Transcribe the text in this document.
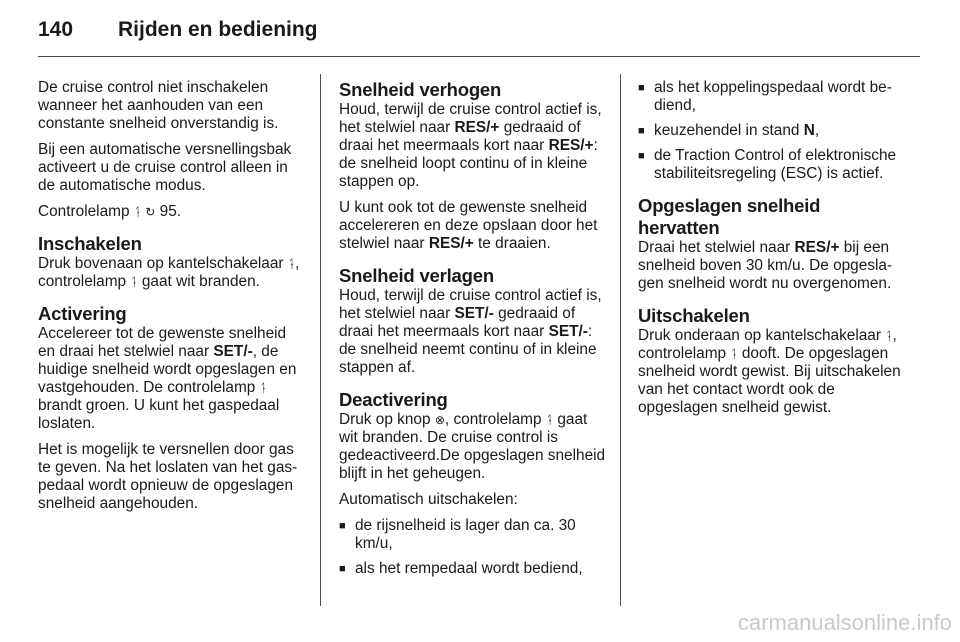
140 Rijden en bediening

De cruise control niet inschakelen wanneer het aanhouden van een constante snelheid onverstandig is.

Bij een automatische versnellingsbak activeert u de cruise control alleen in de automatische modus.

Controlelamp ᛑ ↻ 95.

Inschakelen

Druk bovenaan op kantelschakelaar ᛑ, controlelamp ᛑ gaat wit branden.

Activering

Accelereer tot de gewenste snelheid en draai het stelwiel naar SET/-, de huidige snelheid wordt opgeslagen en vastgehouden. De controlelamp ᛑ brandt groen. U kunt het gaspedaal loslaten.

Het is mogelijk te versnellen door gas te geven. Na het loslaten van het gaspedaal wordt opnieuw de opgeslagen snelheid aangehouden.

Snelheid verhogen

Houd, terwijl de cruise control actief is, het stelwiel naar RES/+ gedraaid of draai het meermaals kort naar RES/+: de snelheid loopt continu of in kleine stappen op.

U kunt ook tot de gewenste snelheid accelereren en deze opslaan door het stelwiel naar RES/+ te draaien.

Snelheid verlagen

Houd, terwijl de cruise control actief is, het stelwiel naar SET/- gedraaid of draai het meermaals kort naar SET/-: de snelheid neemt continu of in kleine stappen af.

Deactivering

Druk op knop ⊗, controlelamp ᛑ gaat wit branden. De cruise control is gedeactiveerd.De opgeslagen snelheid blijft in het geheugen.

Automatisch uitschakelen:

■ de rijsnelheid is lager dan ca. 30 km/u,
■ als het rempedaal wordt bediend,
■ als het koppelingspedaal wordt bediend,
■ keuzehendel in stand N,
■ de Traction Control of elektronische stabiliteitsregeling (ESC) is actief.
Opgeslagen snelheid hervatten

Draai het stelwiel naar RES/+ bij een snelheid boven 30 km/u. De opgeslagen snelheid wordt nu overgenomen.

Uitschakelen

Druk onderaan op kantelschakelaar ᛑ, controlelamp ᛑ dooft. De opgeslagen snelheid wordt gewist. Bij uitschakelen van het contact wordt ook de opgeslagen snelheid gewist.

carmanualsonline.info
